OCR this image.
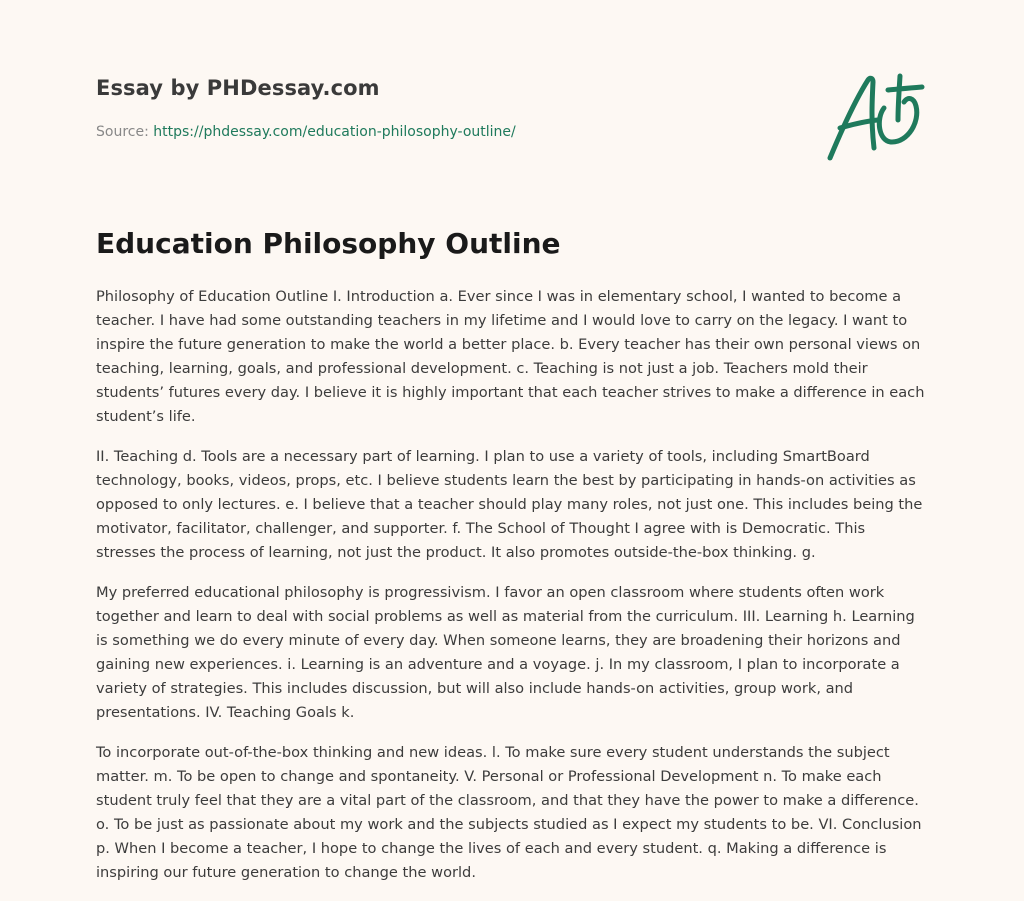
Essay by PHDessay.com
Source: https://phdessay.com/education-philosophy-outline/
Education Philosophy Outline

Philosophy of Education Outline I. Introduction a. Ever since I was in elementary school, I wanted to become a teacher. I have had some outstanding teachers in my lifetime and I would love to carry on the legacy. I want to inspire the future generation to make the world a better place. b. Every teacher has their own personal views on teaching, learning, goals, and professional development. c. Teaching is not just a job. Teachers mold their students’ futures every day. I believe it is highly important that each teacher strives to make a difference in each student’s life.

II. Teaching d. Tools are a necessary part of learning. I plan to use a variety of tools, including SmartBoard technology, books, videos, props, etc. I believe students learn the best by participating in hands-on activities as opposed to only lectures. e. I believe that a teacher should play many roles, not just one. This includes being the motivator, facilitator, challenger, and supporter. f. The School of Thought I agree with is Democratic. This stresses the process of learning, not just the product. It also promotes outside-the-box thinking. g.

My preferred educational philosophy is progressivism. I favor an open classroom where students often work together and learn to deal with social problems as well as material from the curriculum. III. Learning h. Learning is something we do every minute of every day. When someone learns, they are broadening their horizons and gaining new experiences. i. Learning is an adventure and a voyage. j. In my classroom, I plan to incorporate a variety of strategies. This includes discussion, but will also include hands-on activities, group work, and presentations. IV. Teaching Goals k.

To incorporate out-of-the-box thinking and new ideas. l. To make sure every student understands the subject matter. m. To be open to change and spontaneity. V. Personal or Professional Development n. To make each student truly feel that they are a vital part of the classroom, and that they have the power to make a difference. o. To be just as passionate about my work and the subjects studied as I expect my students to be. VI. Conclusion p. When I become a teacher, I hope to change the lives of each and every student. q. Making a difference is inspiring our future generation to change the world.
